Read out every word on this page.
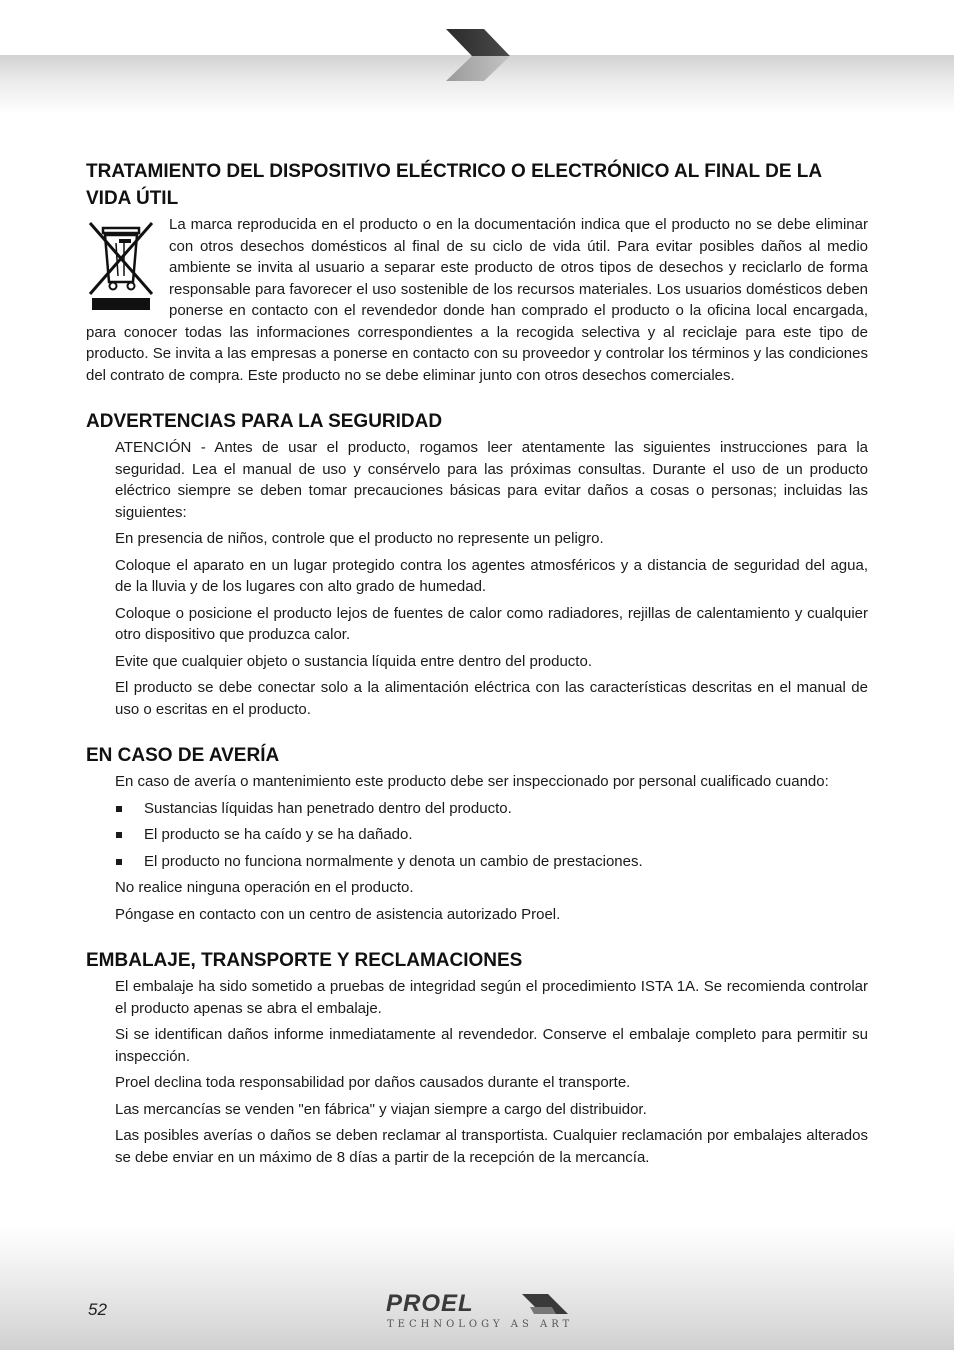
TRATAMIENTO DEL DISPOSITIVO ELÉCTRICO O ELECTRÓNICO AL FINAL DE LA VIDA ÚTIL

La marca reproducida en el producto o en la documentación indica que el producto no se debe eliminar con otros desechos domésticos al final de su ciclo de vida útil. Para evitar posibles daños al medio ambiente se invita al usuario a separar este producto de otros tipos de desechos y reciclarlo de forma responsable para favorecer el uso sostenible de los recursos materiales. Los usuarios domésticos deben ponerse en contacto con el revendedor donde han comprado el producto o la oficina local encargada, para conocer todas las informaciones correspondientes a la recogida selectiva y al reciclaje para este tipo de producto. Se invita a las empresas a ponerse en contacto con su proveedor y controlar los términos y las condiciones del contrato de compra. Este producto no se debe eliminar junto con otros desechos comerciales.

ADVERTENCIAS PARA LA SEGURIDAD

ATENCIÓN - Antes de usar el producto, rogamos leer atentamente las siguientes instrucciones para la seguridad. Lea el manual de uso y consérvelo para las próximas consultas. Durante el uso de un producto eléctrico siempre se deben tomar precauciones básicas para evitar daños a cosas o personas; incluidas las siguientes:

En presencia de niños, controle que el producto no represente un peligro.

Coloque el aparato en un lugar protegido contra los agentes atmosféricos y a distancia de seguridad del agua, de la lluvia y de los lugares con alto grado de humedad.

Coloque o posicione el producto lejos de fuentes de calor como radiadores, rejillas de calentamiento y cualquier otro dispositivo que produzca calor.

Evite que cualquier objeto o sustancia líquida entre dentro del producto.

El producto se debe conectar solo a la alimentación eléctrica con las características descritas en el manual de uso o escritas en el producto.

EN CASO DE AVERÍA

En caso de avería o mantenimiento este producto debe ser inspeccionado por personal cualificado cuando:

Sustancias líquidas han penetrado dentro del producto.
El producto se ha caído y se ha dañado.
El producto no funciona normalmente y denota un cambio de prestaciones.

No realice ninguna operación en el producto.

Póngase en contacto con un centro de asistencia autorizado Proel.

EMBALAJE, TRANSPORTE Y RECLAMACIONES

El embalaje ha sido sometido a pruebas de integridad según el procedimiento ISTA 1A. Se recomienda controlar el producto apenas se abra el embalaje.

Si se identifican daños informe inmediatamente al revendedor. Conserve el embalaje completo para permitir su inspección.

Proel declina toda responsabilidad por daños causados durante el transporte.

Las mercancías se venden "en fábrica" y viajan siempre a cargo del distribuidor.

Las posibles averías o daños se deben reclamar al transportista. Cualquier reclamación por embalajes alterados se debe enviar en un máximo de 8 días a partir de la recepción de la mercancía.

52	PROEL
TECHNOLOGY AS ART
